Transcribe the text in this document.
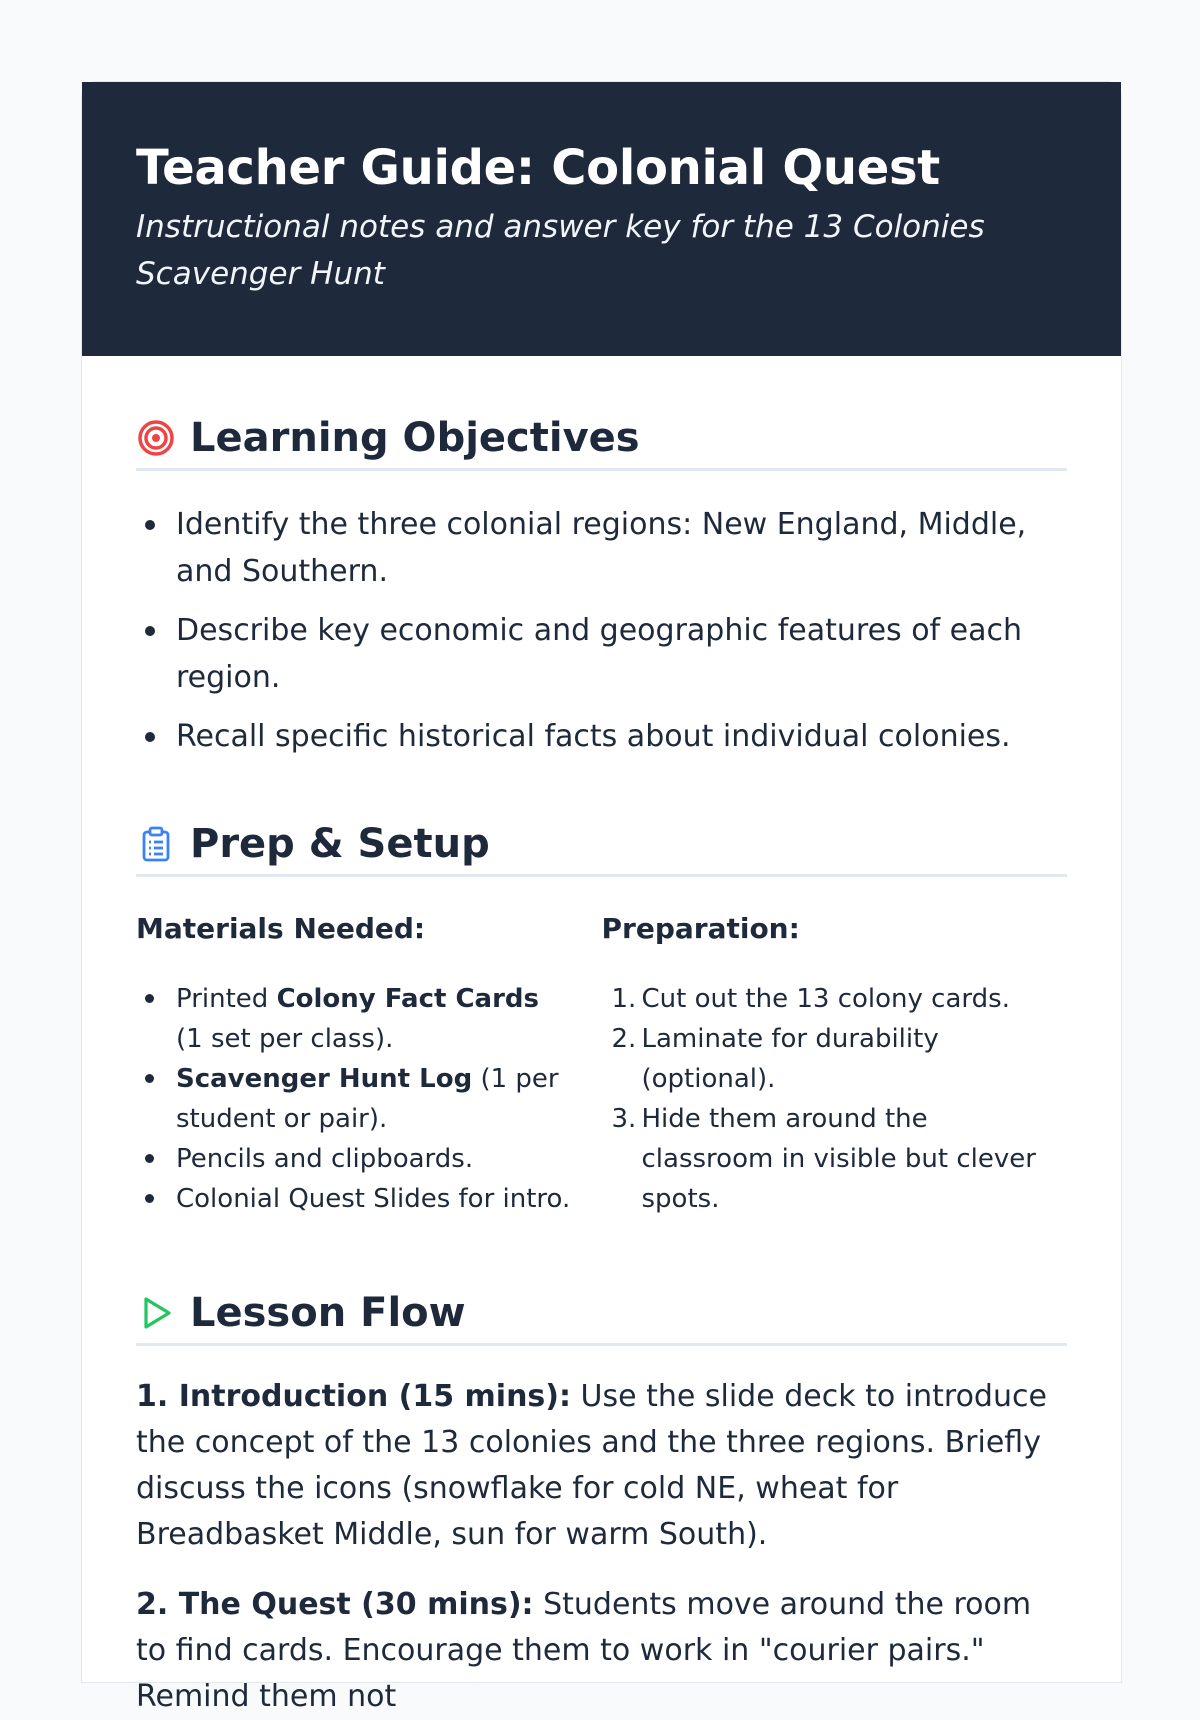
Teacher Guide: Colonial Quest

Instructional notes and answer key for the 13 Colonies Scavenger Hunt

Learning Objectives
Identify the three colonial regions: New England, Middle, and Southern.
Describe key economic and geographic features of each region.
Recall specific historical facts about individual colonies.
Prep & Setup
Materials Needed:
Printed Colony Fact Cards (1 set per class).
Scavenger Hunt Log (1 per student or pair).
Pencils and clipboards.
Colonial Quest Slides for intro.
Preparation:
1. Cut out the 13 colony cards.
2. Laminate for durability (optional).
3. Hide them around the classroom in visible but clever spots.
Lesson Flow

1. Introduction (15 mins): Use the slide deck to introduce the concept of the 13 colonies and the three regions. Briefly discuss the icons (snowflake for cold NE, wheat for Breadbasket Middle, sun for warm South).

2. The Quest (30 mins): Students move around the room to find cards. Encourage them to work in "courier pairs." Remind them not
